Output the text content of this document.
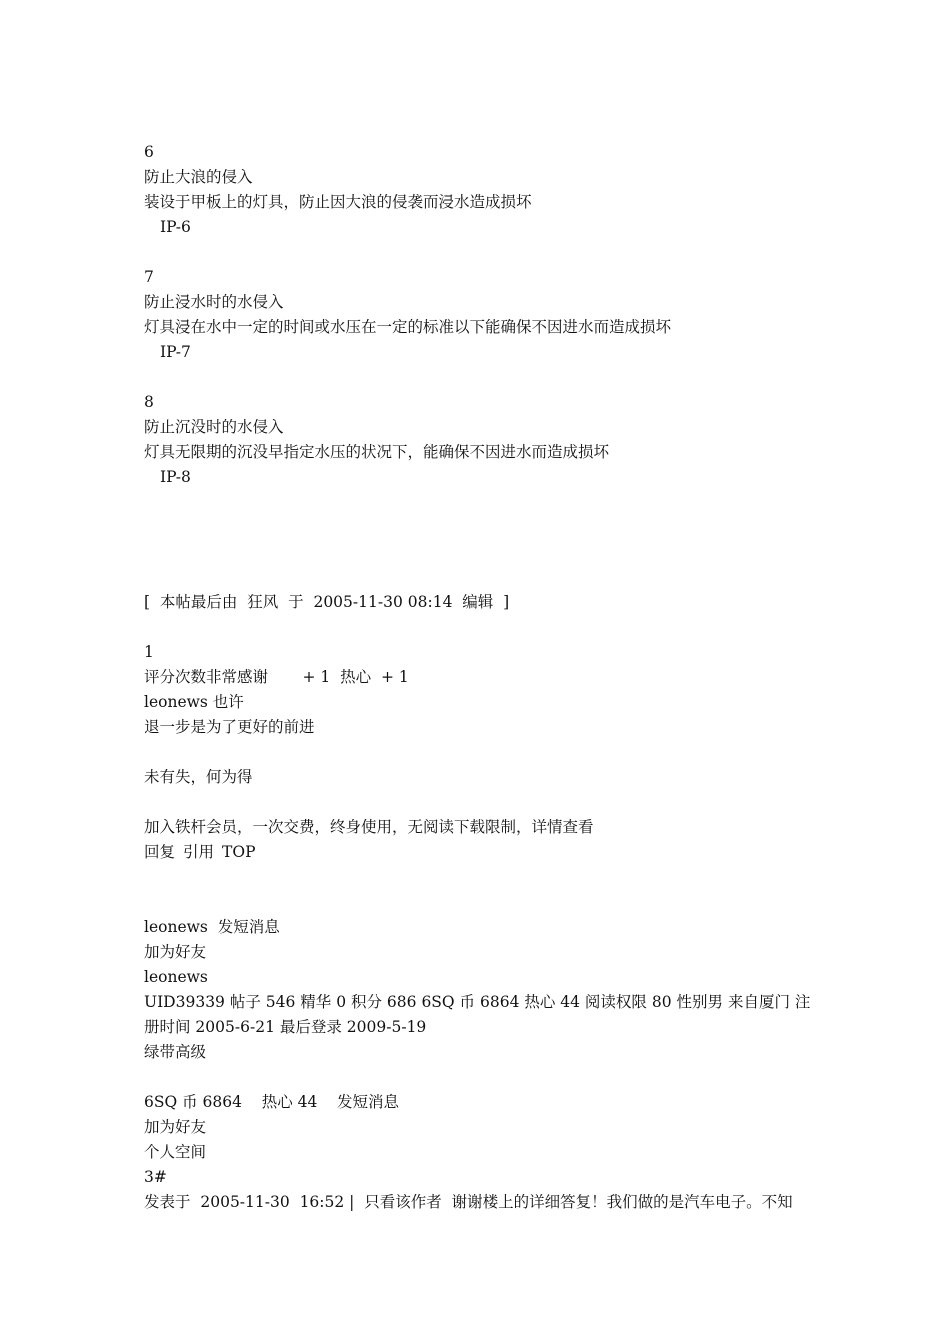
6
防止大浪的侵入
装设于甲板上的灯具，防止因大浪的侵袭而浸水造成损坏
IP-6
7
防止浸水时的水侵入
灯具浸在水中一定的时间或水压在一定的标准以下能确保不因进水而造成损坏
IP-7
8
防止沉没时的水侵入
灯具无限期的沉没早指定水压的状况下，能确保不因进水而造成损坏
IP-8
[  本帖最后由  狂风  于  2005-11-30 08:14  编辑  ]
1
评分次数非常感谢       + 1  热心  + 1
leonews 也许
退一步是为了更好的前进
未有失，何为得
加入铁杆会员，一次交费，终身使用，无阅读下载限制，详情查看
回复 引用 TOP
leonews  发短消息
加为好友
leonews
UID39339 帖子 546 精华 0 积分 686 6SQ 币 6864 热心 44 阅读权限 80 性别男 来自厦门 注册时间 2005-6-21 最后登录 2009-5-19
绿带高级
6SQ 币 6864    热心 44    发短消息
加为好友
个人空间
3#
发表于  2005-11-30  16:52 |  只看该作者  谢谢楼上的详细答复！我们做的是汽车电子。不知
